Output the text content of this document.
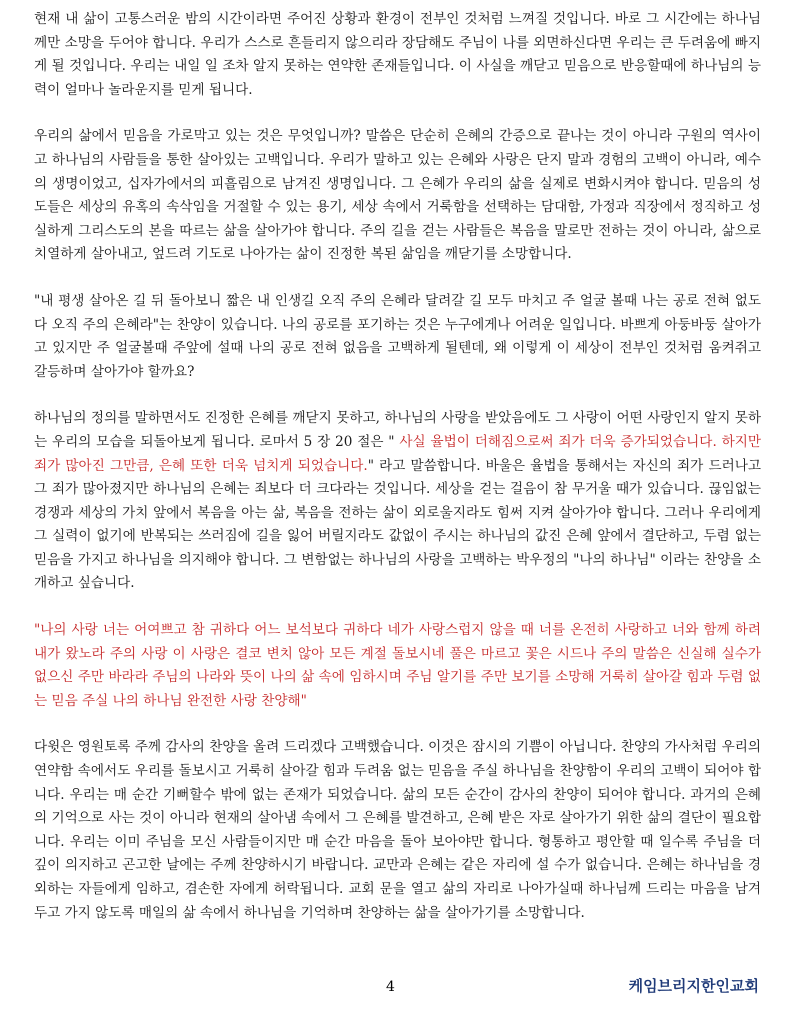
현재 내 삶이 고통스러운 밤의 시간이라면 주어진 상황과 환경이 전부인 것처럼 느껴질 것입니다. 바로 그 시간에는 하나님께만 소망을 두어야 합니다. 우리가 스스로 흔들리지 않으리라 장담해도 주님이 나를 외면하신다면 우리는 큰 두려움에 빠지게 될 것입니다. 우리는 내일 일 조차 알지 못하는 연약한 존재들입니다. 이 사실을 깨닫고 믿음으로 반응할때에 하나님의 능력이 얼마나 놀라운지를 믿게 됩니다.

우리의 삶에서 믿음을 가로막고 있는 것은 무엇입니까? 말씀은 단순히 은혜의 간증으로 끝나는 것이 아니라 구원의 역사이고 하나님의 사람들을 통한 살아있는 고백입니다. 우리가 말하고 있는 은혜와 사랑은 단지 말과 경험의 고백이 아니라, 예수의 생명이었고, 십자가에서의 피흘림으로 남겨진 생명입니다. 그 은혜가 우리의 삶을 실제로 변화시켜야 합니다. 믿음의 성도들은 세상의 유혹의 속삭임을 거절할 수 있는 용기, 세상 속에서 거룩함을 선택하는 담대함, 가정과 직장에서 정직하고 성실하게 그리스도의 본을 따르는 삶을 살아가야 합니다. 주의 길을 걷는 사람들은 복음을 말로만 전하는 것이 아니라, 삶으로 치열하게 살아내고, 엎드려 기도로 나아가는 삶이 진정한 복된 삶임을 깨닫기를 소망합니다.

"내 평생 살아온 길 뒤 돌아보니 짧은 내 인생길 오직 주의 은혜라 달려갈 길 모두 마치고 주 얼굴 볼때 나는 공로 전혀 없도다 오직 주의 은혜라"는 찬양이 있습니다. 나의 공로를 포기하는 것은 누구에게나 어려운 일입니다. 바쁘게 아둥바둥 살아가고 있지만 주 얼굴볼때 주앞에 설때 나의 공로 전혀 없음을 고백하게 될텐데, 왜 이렇게 이 세상이 전부인 것처럼 움켜쥐고 갈등하며 살아가야 할까요?

하나님의 정의를 말하면서도 진정한 은혜를 깨닫지 못하고, 하나님의 사랑을 받았음에도 그 사랑이 어떤 사랑인지 알지 못하는 우리의 모습을 되돌아보게 됩니다. 로마서 5 장 20 절은 " 사실 율법이 더해짐으로써 죄가 더욱 증가되었습니다. 하지만 죄가 많아진 그만큼, 은혜 또한 더욱 넘치게 되었습니다." 라고 말씀합니다. 바울은 율법을 통해서는 자신의 죄가 드러나고 그 죄가 많아졌지만 하나님의 은혜는 죄보다 더 크다라는 것입니다. 세상을 걷는 걸음이 참 무거울 때가 있습니다. 끊임없는 경쟁과 세상의 가치 앞에서 복음을 아는 삶, 복음을 전하는 삶이 외로울지라도 힘써 지켜 살아가야 합니다. 그러나 우리에게 그 실력이 없기에 반복되는 쓰러짐에 길을 잃어 버릴지라도 값없이 주시는 하나님의 값진 은혜 앞에서 결단하고, 두렴 없는 믿음을 가지고 하나님을 의지해야 합니다. 그 변함없는 하나님의 사랑을 고백하는 박우정의 "나의 하나님" 이라는 찬양을 소개하고 싶습니다.

"나의 사랑 너는 어여쁘고 참 귀하다 어느 보석보다 귀하다 네가 사랑스럽지 않을 때 너를 온전히 사랑하고 너와 함께 하려 내가 왔노라 주의 사랑 이 사랑은 결코 변치 않아 모든 계절 돌보시네 풀은 마르고 꽃은 시드나 주의 말씀은 신실해 실수가 없으신 주만 바라라 주님의 나라와 뜻이 나의 삶 속에 임하시며 주님 알기를 주만 보기를 소망해 거룩히 살아갈 힘과 두렴 없는 믿음 주실 나의 하나님 완전한 사랑 찬양해"

다윗은 영원토록 주께 감사의 찬양을 올려 드리겠다 고백했습니다. 이것은 잠시의 기쁨이 아닙니다. 찬양의 가사처럼 우리의 연약함 속에서도 우리를 돌보시고 거룩히 살아갈 힘과 두려움 없는 믿음을 주실 하나님을 찬양함이 우리의 고백이 되어야 합니다. 우리는 매 순간 기뻐할수 밖에 없는 존재가 되었습니다. 삶의 모든 순간이 감사의 찬양이 되어야 합니다. 과거의 은혜의 기억으로 사는 것이 아니라 현재의 살아냄 속에서 그 은혜를 발견하고, 은혜 받은 자로 살아가기 위한 삶의 결단이 필요합니다. 우리는 이미 주님을 모신 사람들이지만 매 순간 마음을 돌아 보아야만 합니다. 형통하고 평안할 때 일수록 주님을 더 깊이 의지하고 곤고한 날에는 주께 찬양하시기 바랍니다. 교만과 은혜는 같은 자리에 설 수가 없습니다. 은혜는 하나님을 경외하는 자들에게 임하고, 겸손한 자에게 허락됩니다. 교회 문을 열고 삶의 자리로 나아가실때 하나님께 드리는 마음을 남겨두고 가지 않도록 매일의 삶 속에서 하나님을 기억하며 찬양하는 삶을 살아가기를 소망합니다.

4	케임브리지한인교회
